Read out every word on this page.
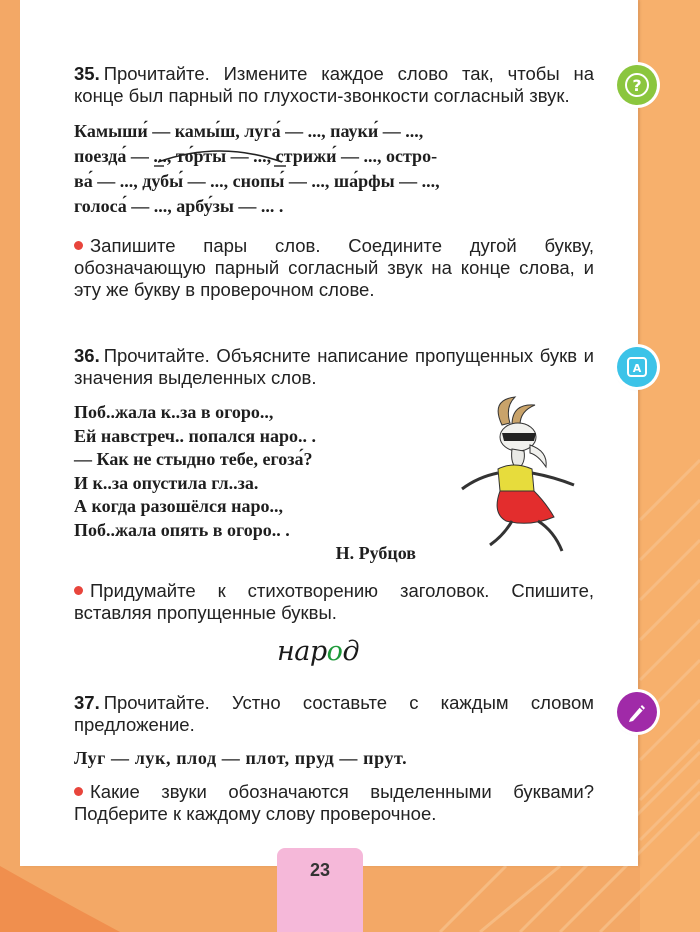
?
A

35. Прочитайте. Измените каждое слово так, чтобы на конце был парный по глухости-звонкости согласный звук.

Камыши́ — камы́ш, луга́ — ..., пауки́ — ...,

поезда́ — ..., то́рты — ..., стрижи́ — ..., остро-

ва́ — ..., дубы́ — ..., снопы́ — ..., ша́рфы — ...,

голоса́ — ..., арбу́зы — ... .

Запишите пары слов. Соедините дугой букву, обозначающую парный согласный звук на конце слова, и эту же букву в проверочном слове.

36. Прочитайте. Объясните написание пропущенных букв и значения выделенных слов.

Поб..жала к..за в огоро..,

Ей навстреч.. попался наро.. .

— Как не стыдно тебе, егоза́?

И к..за опустила гл..за.

А когда разошёлся наро..,

Поб..жала опять в огоро.. .

Н. Рубцов

Придумайте к стихотворению заголовок. Спишите, вставляя пропущенные буквы.

народ

37. Прочитайте. Устно составьте с каждым словом предложение.

Луг — лук, плод — плот, пруд — прут.

Какие звуки обозначаются выделенными буквами? Подберите к каждому слову проверочное.

23
